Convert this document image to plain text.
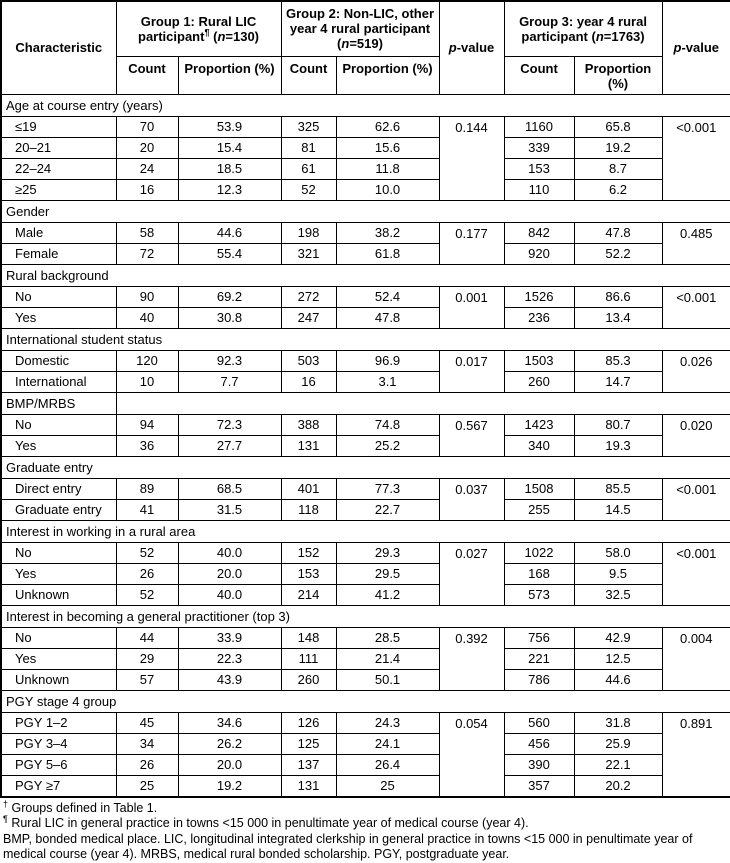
Characteristic	Group 1: Rural LIC participant¶ (n=130)		Group 2: Non-LIC, other year 4 rural participant (n=519)		p-value	Group 3: year 4 rural participant (n=1763)		p-value
	Count	Proportion (%)	Count	Proportion (%)		Count	Proportion (%)	
Age at course entry (years)								
≤19	70	53.9	325	62.6	0.144	1160	65.8	<0.001
20–21	20	15.4	81	15.6		339	19.2	
22–24	24	18.5	61	11.8		153	8.7	
≥25	16	12.3	52	10.0		110	6.2	
Gender								
Male	58	44.6	198	38.2	0.177	842	47.8	0.485
Female	72	55.4	321	61.8		920	52.2	
Rural background								
No	90	69.2	272	52.4	0.001	1526	86.6	<0.001
Yes	40	30.8	247	47.8		236	13.4	
International student status								
Domestic	120	92.3	503	96.9	0.017	1503	85.3	0.026
International	10	7.7	16	3.1		260	14.7	
BMP/MRBS								
No	94	72.3	388	74.8	0.567	1423	80.7	0.020
Yes	36	27.7	131	25.2		340	19.3	
Graduate entry								
Direct entry	89	68.5	401	77.3	0.037	1508	85.5	<0.001
Graduate entry	41	31.5	118	22.7		255	14.5	
Interest in working in a rural area								
No	52	40.0	152	29.3	0.027	1022	58.0	<0.001
Yes	26	20.0	153	29.5		168	9.5	
Unknown	52	40.0	214	41.2		573	32.5	
Interest in becoming a general practitioner (top 3)								
No	44	33.9	148	28.5	0.392	756	42.9	0.004
Yes	29	22.3	111	21.4		221	12.5	
Unknown	57	43.9	260	50.1		786	44.6	
PGY stage 4 group								
PGY 1–2	45	34.6	126	24.3	0.054	560	31.8	0.891
PGY 3–4	34	26.2	125	24.1		456	25.9	
PGY 5–6	26	20.0	137	26.4		390	22.1	
PGY ≥7	25	19.2	131	25		357	20.2	

† Groups defined in Table 1.

¶ Rural LIC in general practice in towns <15 000 in penultimate year of medical course (year 4).

BMP, bonded medical place. LIC, longitudinal integrated clerkship in general practice in towns <15 000 in penultimate year of medical course (year 4). MRBS, medical rural bonded scholarship. PGY, postgraduate year.
